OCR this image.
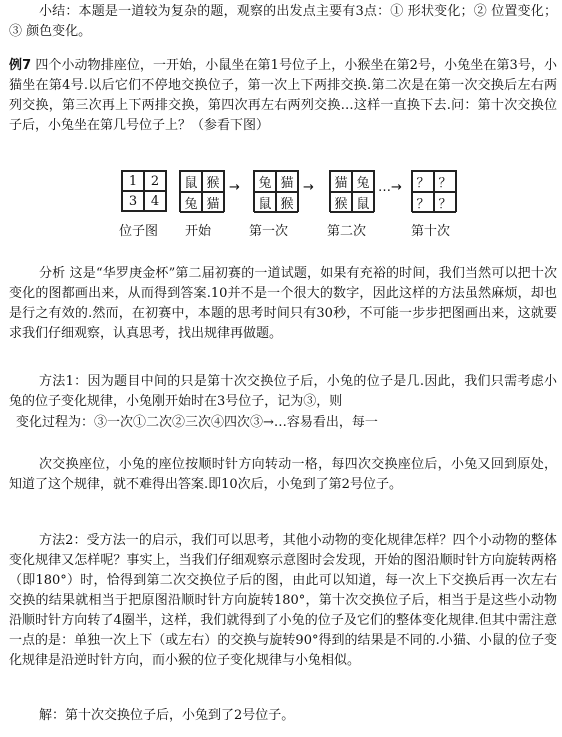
小结：本题是一道较为复杂的题，观察的出发点主要有3点：① 形状变化；② 位置变化；③ 颜色变化。

例7 四个小动物排座位，一开始，小鼠坐在第1号位子上，小猴坐在第2号，小兔坐在第3号，小猫坐在第4号.以后它们不停地交换位子，第一次上下两排交换.第二次是在第一次交换后左右两列交换，第三次再上下两排交换，第四次再左右两列交换…这样一直换下去.问：第十次交换位子后，小兔坐在第几号位子上？（参看下图）

1	2
3	4
鼠 猴
兔 猫
→	兔 猫
鼠 猴
→	猫 兔
猴 鼠
…→	？ ？
？ ？
位子图 开始	第一次	第二次	第十次

分析 这是“华罗庚金杯”第二届初赛的一道试题，如果有充裕的时间，我们当然可以把十次变化的图都画出来，从而得到答案.10并不是一个很大的数字，因此这样的方法虽然麻烦，却也是行之有效的.然而，在初赛中，本题的思考时间只有30秒，不可能一步步把图画出来，这就要求我们仔细观察，认真思考，找出规律再做题。

方法1：因为题目中间的只是第十次交换位子后，小兔的位子是几.因此，我们只需考虑小兔的位子变化规律，小兔刚开始时在3号位子，记为③，则

变化过程为：③一次①二次②三次④四次③→…容易看出，每一

次交换座位，小兔的座位按顺时针方向转动一格，每四次交换座位后，小兔又回到原处，知道了这个规律，就不难得出答案.即10次后，小兔到了第2号位子。

方法2：受方法一的启示，我们可以思考，其他小动物的变化规律怎样？四个小动物的整体变化规律又怎样呢？事实上，当我们仔细观察示意图时会发现，开始的图沿顺时针方向旋转两格（即180°）时，恰得到第二次交换位子后的图，由此可以知道，每一次上下交换后再一次左右交换的结果就相当于把原图沿顺时针方向旋转180°，第十次交换位子后，相当于是这些小动物沿顺时针方向转了4圈半，这样，我们就得到了小兔的位子及它们的整体变化规律.但其中需注意一点的是：单独一次上下（或左右）的交换与旋转90°得到的结果是不同的.小猫、小鼠的位子变化规律是沿逆时针方向，而小猴的位子变化规律与小兔相似。

解：第十次交换位子后，小兔到了2号位子。
